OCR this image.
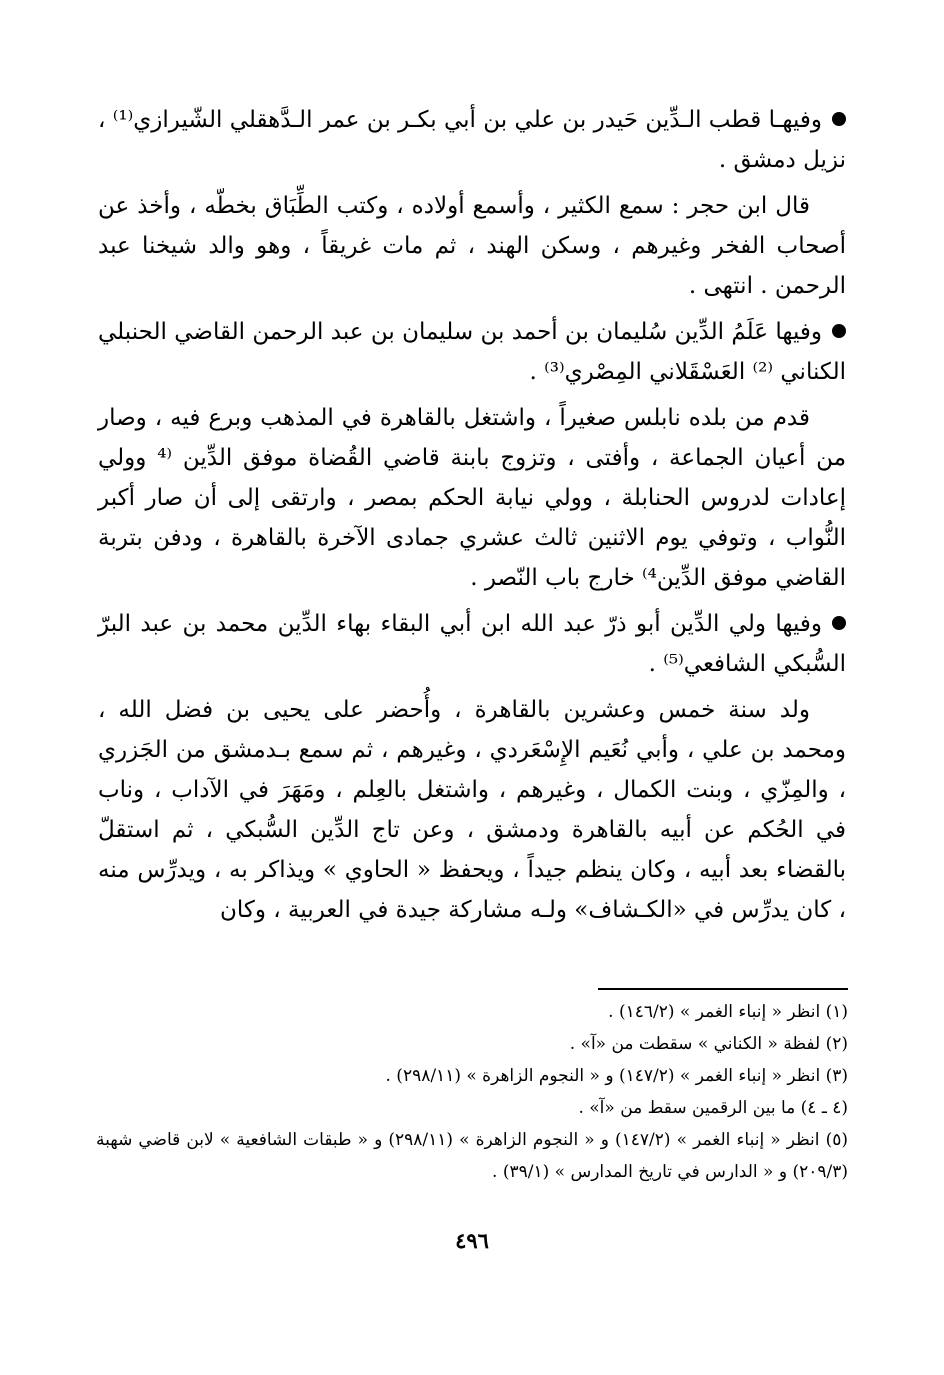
وفيهـا قطب الـدِّين حَيدر بن علي بن أبي بكـر بن عمر الـدَّهقلي الشّيرازي⁽¹⁾ ، نزيل دمشق .

قال ابن حجر : سمع الكثير ، وأسمع أولاده ، وكتب الطِّبَاق بخطّه ، وأخذ عن أصحاب الفخر وغيرهم ، وسكن الهند ، ثم مات غريقاً ، وهو والد شيخنا عبد الرحمن . انتهى .

وفيها عَلَمُ الدِّين سُليمان بن أحمد بن سليمان بن عبد الرحمن القاضي الحنبلي الكناني ⁽²⁾ العَسْقَلاني المِصْري⁽³⁾ .

قدم من بلده نابلس صغيراً ، واشتغل بالقاهرة في المذهب وبرع فيه ، وصار من أعيان الجماعة ، وأفتى ، وتزوج بابنة قاضي القُضاة موفق الدِّين ⁽⁴ وولي إعادات لدروس الحنابلة ، وولي نيابة الحكم بمصر ، وارتقى إلى أن صار أكبر النُّواب ، وتوفي يوم الاثنين ثالث عشري جمادى الآخرة بالقاهرة ، ودفن بتربة القاضي موفق الدِّين⁴⁾ خارج باب النّصر .

وفيها ولي الدِّين أبو ذرّ عبد الله ابن أبي البقاء بهاء الدِّين محمد بن عبد البرّ السُّبكي الشافعي⁽⁵⁾ .

ولد سنة خمس وعشرين بالقاهرة ، وأُحضر على يحيى بن فضل الله ، ومحمد بن علي ، وأبي نُعَيم الإِسْعَردي ، وغيرهم ، ثم سمع بـدمشق من الجَزري ، والمِزّي ، وبنت الكمال ، وغيرهم ، واشتغل بالعِلم ، ومَهَرَ في الآداب ، وناب في الحُكم عن أبيه بالقاهرة ودمشق ، وعن تاج الدِّين السُّبكي ، ثم استقلّ بالقضاء بعد أبيه ، وكان ينظم جيداً ، ويحفظ « الحاوي » ويذاكر به ، ويدرِّس منه ، كان يدرِّس في «الكـشاف» ولـه مشاركة جيدة في العربية ، وكان

(١) انظر « إنباء الغمر » (١٤٦/٢) .

(٢) لفظة « الكناني » سقطت من «آ» .

(٣) انظر « إنباء الغمر » (١٤٧/٢) و « النجوم الزاهرة » (٢٩٨/١١) .

(٤ ـ ٤) ما بين الرقمين سقط من «آ» .

(٥) انظر « إنباء الغمر » (١٤٧/٢) و « النجوم الزاهرة » (٢٩٨/١١) و « طبقات الشافعية » لابن قاضي شهبة (٢٠٩/٣) و « الدارس في تاريخ المدارس » (٣٩/١) .

٤٩٦
